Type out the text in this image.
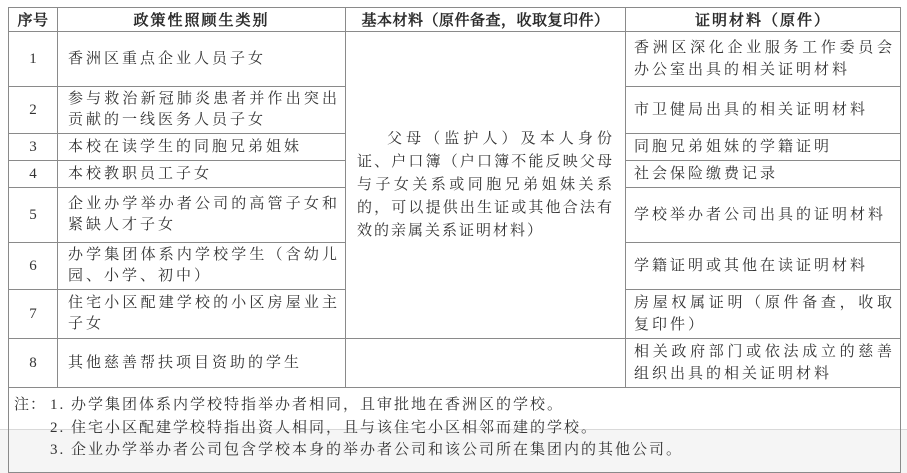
序号	政策性照顾生类别	基本材料（原件备查，收取复印件）	证明材料（原件）
1	香洲区重点企业人员子女	父母（监护人）及本人身份证、户口簿（户口簿不能反映父母与子女关系或同胞兄弟姐妹关系的，可以提供出生证或其他合法有效的亲属关系证明材料）	香洲区深化企业服务工作委员会办公室出具的相关证明材料
2	参与救治新冠肺炎患者并作出突出贡献的一线医务人员子女		市卫健局出具的相关证明材料
3	本校在读学生的同胞兄弟姐妹		同胞兄弟姐妹的学籍证明
4	本校教职员工子女		社会保险缴费记录
5	企业办学举办者公司的高管子女和紧缺人才子女		学校举办者公司出具的证明材料
6	办学集团体系内学校学生（含幼儿园、小学、初中）		学籍证明或其他在读证明材料
7	住宅小区配建学校的小区房屋业主子女		房屋权属证明（原件备查，收取复印件）
8	其他慈善帮扶项目资助的学生		相关政府部门或依法成立的慈善组织出具的相关证明材料

注： 1. 办学集团体系内学校特指举办者相同，且审批地在香洲区的学校。
2. 住宅小区配建学校特指出资人相同，且与该住宅小区相邻而建的学校。
3. 企业办学举办者公司包含学校本身的举办者公司和该公司所在集团内的其他公司。			
